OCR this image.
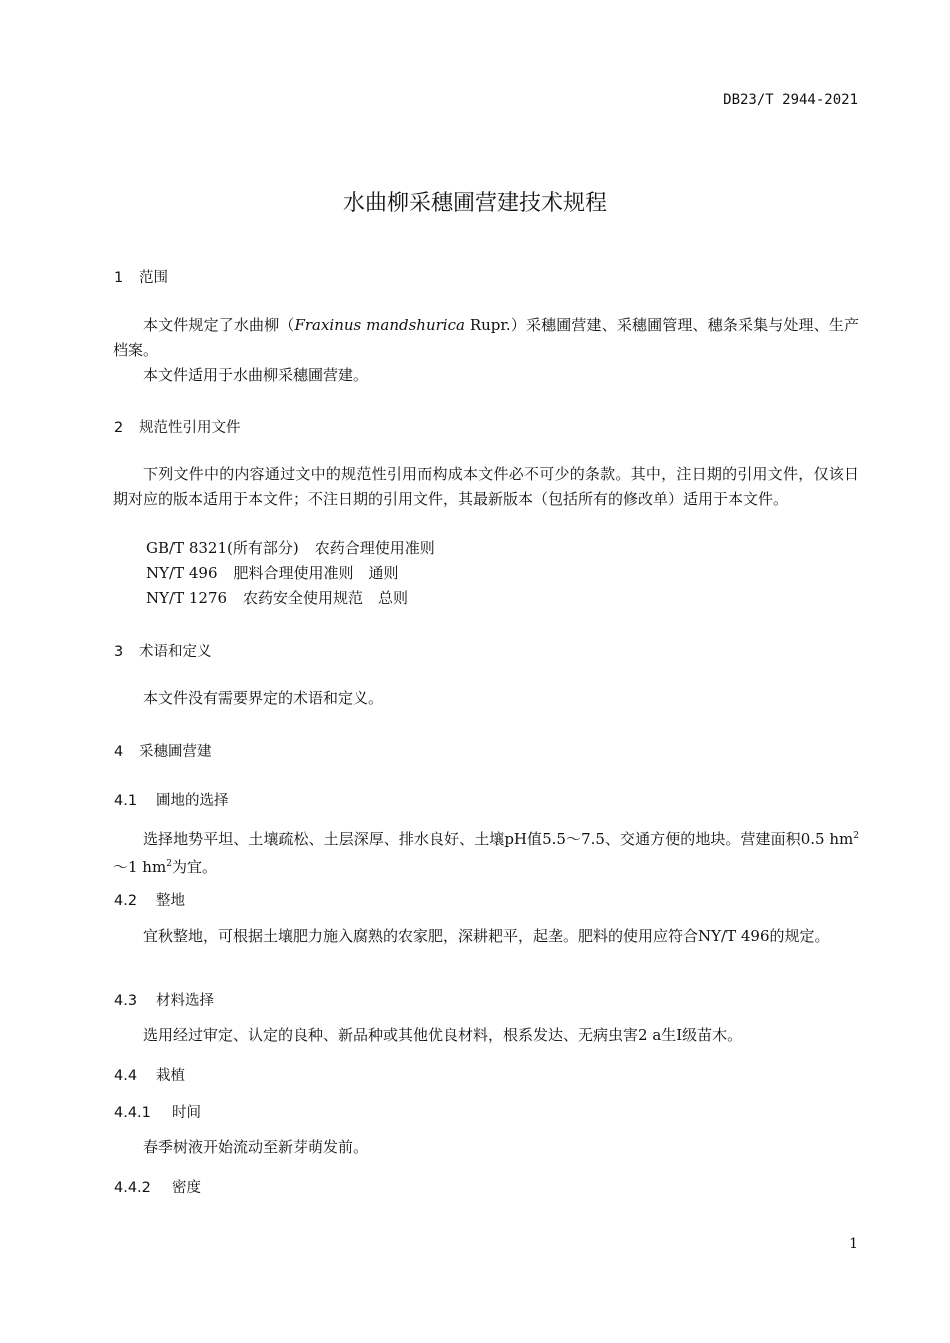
DB23/T 2944-2021
水曲柳采穗圃营建技术规程
1 范围
本文件规定了水曲柳（Fraxinus mandshurica Rupr.）采穗圃营建、采穗圃管理、穗条采集与处理、生产档案。
本文件适用于水曲柳采穗圃营建。
2 规范性引用文件
下列文件中的内容通过文中的规范性引用而构成本文件必不可少的条款。其中，注日期的引用文件，仅该日期对应的版本适用于本文件；不注日期的引用文件，其最新版本（包括所有的修改单）适用于本文件。
GB/T 8321(所有部分) 农药合理使用准则
NY/T 496 肥料合理使用准则　通则
NY/T 1276 农药安全使用规范　总则
3 术语和定义
本文件没有需要界定的术语和定义。
4 采穗圃营建
4.1 圃地的选择
选择地势平坦、土壤疏松、土层深厚、排水良好、土壤pH值5.5～7.5、交通方便的地块。营建面积0.5 $hm^2\sim 1$ $hm^2$为宜。
4.2 整地
宜秋整地，可根据土壤肥力施入腐熟的农家肥，深耕耙平，起垄。肥料的使用应符合NY/T 496的规定。
4.3 材料选择
选用经过审定、认定的良种、新品种或其他优良材料，根系发达、无病虫害2 a生Ⅰ级苗木。
4.4 栽植
4.4.1 时间
春季树液开始流动至新芽萌发前。
4.4.2 密度
1
